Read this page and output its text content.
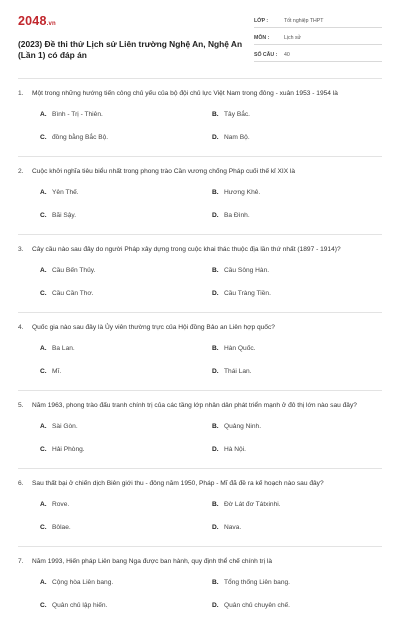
2048.vn
(2023) Đề thi thử Lịch sử Liên trường Nghệ An, Nghệ An (Lần 1) có đáp án
LỚP :	Tốt nghiệp THPT
MÔN :	Lịch sử
SỐ CÂU :	40
1.	Một trong những hướng tiến công chủ yếu của bộ đội chủ lực Việt Nam trong đông - xuân 1953 - 1954 là
A. Bình - Trị - Thiên.	B. Tây Bắc.
C. đồng bằng Bắc Bộ.	D. Nam Bộ.
2.	Cuộc khởi nghĩa tiêu biểu nhất trong phong trào Cần vương chống Pháp cuối thế kỉ XIX là
A. Yên Thế.	B. Hương Khê.
C. Bãi Sậy.	D. Ba Đình.
3.	Cây cầu nào sau đây do người Pháp xây dựng trong cuộc khai thác thuộc địa lần thứ nhất (1897 - 1914)?
A. Cầu Bến Thủy.	B. Cầu Sông Hàn.
C. Cầu Cần Thơ.	D. Cầu Tràng Tiền.
4.	Quốc gia nào sau đây là Ủy viên thường trực của Hội đồng Bảo an Liên hợp quốc?
A. Ba Lan.	B. Hàn Quốc.
C. Mĩ.	D. Thái Lan.
5.	Năm 1963, phong trào đấu tranh chính trị của các tầng lớp nhân dân phát triển mạnh ở đô thị lớn nào sau đây?
A. Sài Gòn.	B. Quảng Ninh.
C. Hải Phòng.	D. Hà Nội.
6.	Sau thất bại ở chiến dịch Biên giới thu - đông năm 1950, Pháp - Mĩ đã đề ra kế hoạch nào sau đây?
A. Rove.	B. Đờ Lát đơ Tátxinhi.
C. Bôlae.	D. Nava.
7.	Năm 1993, Hiến pháp Liên bang Nga được ban hành, quy định thể chế chính trị là
A. Cộng hòa Liên bang.	B. Tổng thống Liên bang.
C. Quân chủ lập hiến.	D. Quân chủ chuyên chế.
